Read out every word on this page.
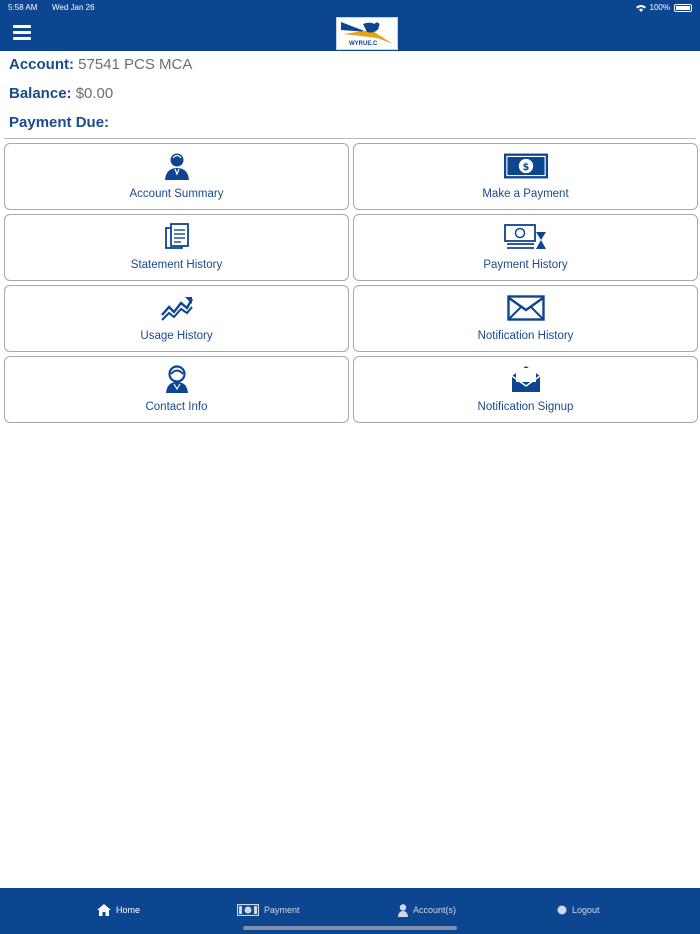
5:58 AM Wed Jan 26	100%
WYRUE.C
Account: 57541 PCS MCA
Balance: $0.00
Payment Due:
Account Summary
$
Make a Payment
Statement History	Payment History
Usage History	Notification History
Contact Info	Notification Signup
Home	Payment	Account(s)	Logout
